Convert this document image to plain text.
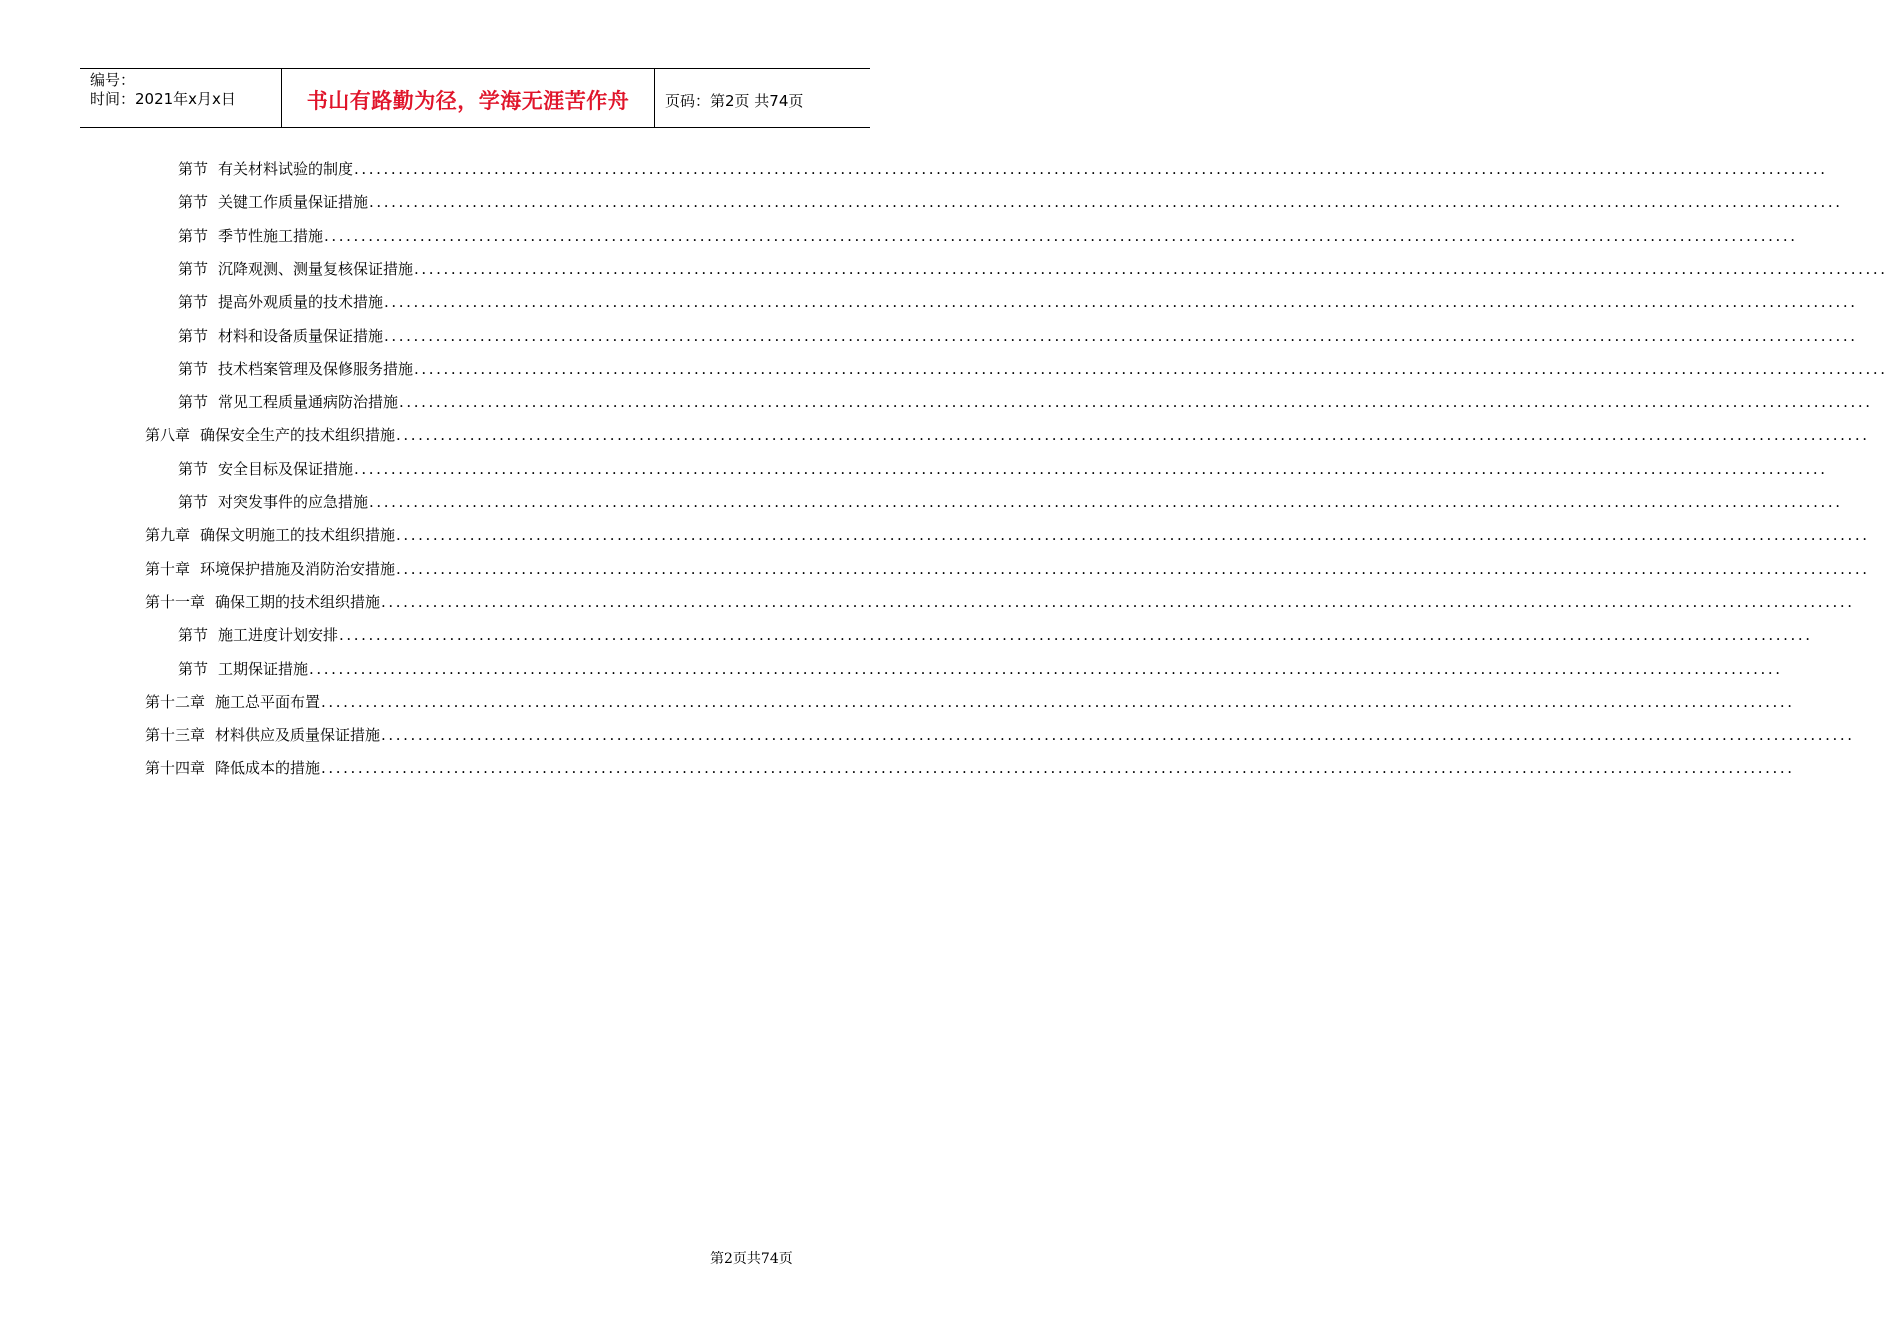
编号：
时间：2021年x月x日	书山有路勤为径，学海无涯苦作舟 页码：第2页 共74页
第节 有关材料试验的制度 ........................................................................................................................................................................................................
第节 关键工作质量保证措施 ........................................................................................................................................................................................................
第节 季节性施工措施 ........................................................................................................................................................................................................
第节 沉降观测、测量复核保证措施 ........................................................................................................................................................................................................
第节 提高外观质量的技术措施 ........................................................................................................................................................................................................
第节 材料和设备质量保证措施 ........................................................................................................................................................................................................
第节 技术档案管理及保修服务措施 ........................................................................................................................................................................................................
第节 常见工程质量通病防治措施 ........................................................................................................................................................................................................
第八章 确保安全生产的技术组织措施 ........................................................................................................................................................................................................
第节 安全目标及保证措施 ........................................................................................................................................................................................................
第节 对突发事件的应急措施 ........................................................................................................................................................................................................
第九章 确保文明施工的技术组织措施 ........................................................................................................................................................................................................
第十章 环境保护措施及消防治安措施 ........................................................................................................................................................................................................
第十一章 确保工期的技术组织措施 ........................................................................................................................................................................................................
第节 施工进度计划安排 ........................................................................................................................................................................................................
第节 工期保证措施 ........................................................................................................................................................................................................
第十二章 施工总平面布置 ........................................................................................................................................................................................................
第十三章 材料供应及质量保证措施 ........................................................................................................................................................................................................
第十四章 降低成本的措施 ........................................................................................................................................................................................................
第2页共74页
